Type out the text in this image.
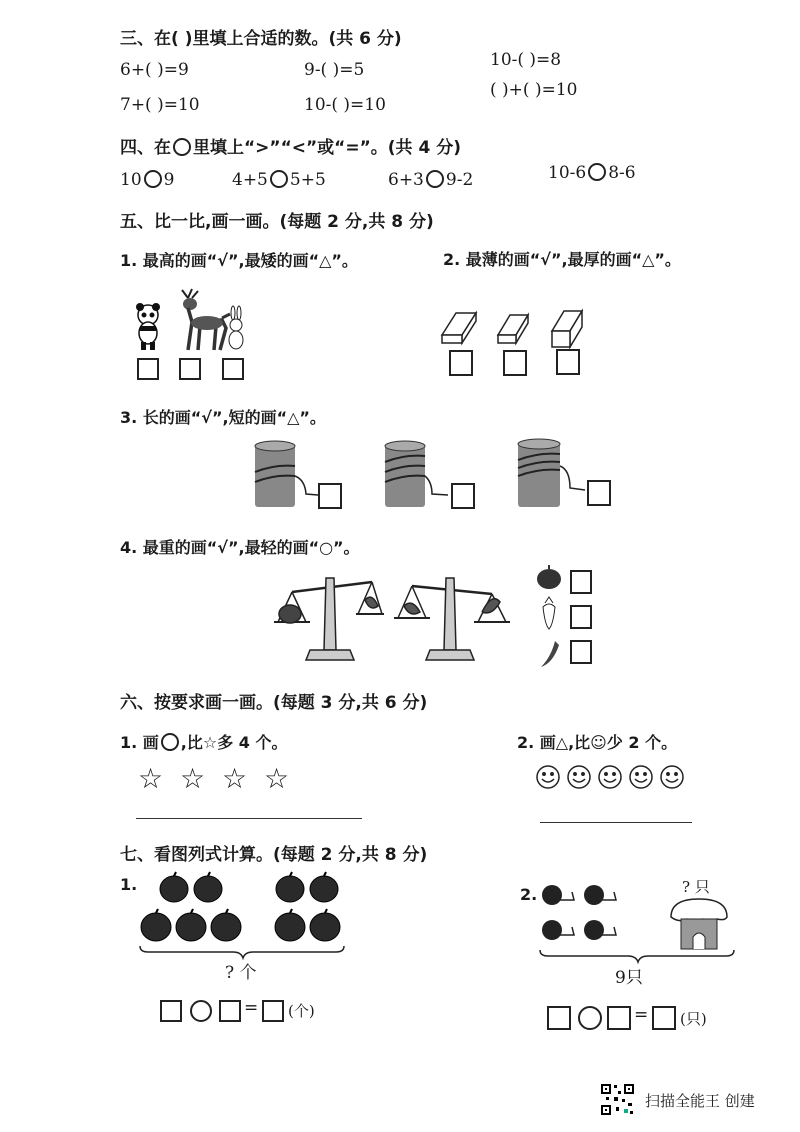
三、在( )里填上合适的数。(共 6 分)
6+( )=9	9-( )=5	10-( )=8
7+( )=10	10-( )=10
( )+( )=10
四、在 里填上“>”“<”或“=”。(共 4 分)
10 9	4+5 5+5	6+3 9-2	10-6 8-6
五、比一比,画一画。(每题 2 分,共 8 分)
1. 最高的画“√”,最矮的画“△”。	2. 最薄的画“√”,最厚的画“△”。
3. 长的画“√”,短的画“△”。
4. 最重的画“√”,最轻的画“○”。
六、按要求画一画。(每题 3 分,共 6 分)
1. 画 ,比☆多 4 个。	2. 画△,比☺少 2 个。
☆ ☆ ☆ ☆
七、看图列式计算。(每题 2 分,共 8 分)
1.
? 个
= (个)
2.	? 只
9只
= (只)
扫描全能王 创建
